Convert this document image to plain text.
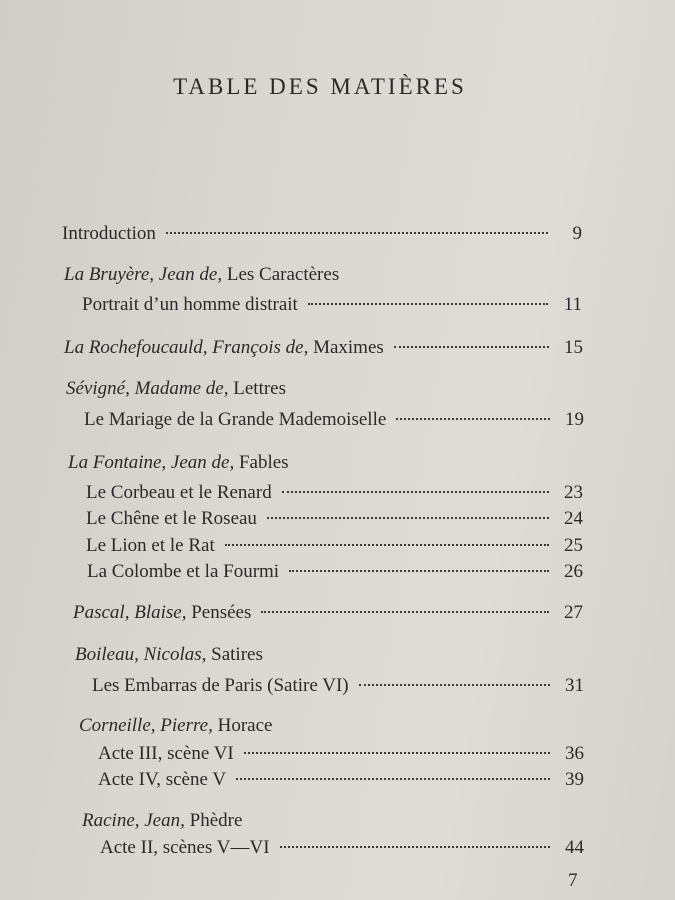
TABLE DES MATIÈRES
Introduction	9
La Bruyère, Jean de, Les Caractères
Portrait d’un homme distrait	11
La Rochefoucauld, François de, Maximes	15
Sévigné, Madame de, Lettres
Le Mariage de la Grande Mademoiselle	19
La Fontaine, Jean de, Fables
Le Corbeau et le Renard	23
Le Chêne et le Roseau	24
Le Lion et le Rat	25
La Colombe et la Fourmi	26
Pascal, Blaise, Pensées	27
Boileau, Nicolas, Satires
Les Embarras de Paris (Satire VI)	31
Corneille, Pierre, Horace
Acte III, scène VI	36
Acte IV, scène V	39
Racine, Jean, Phèdre
Acte II, scènes V—VI	44
7
